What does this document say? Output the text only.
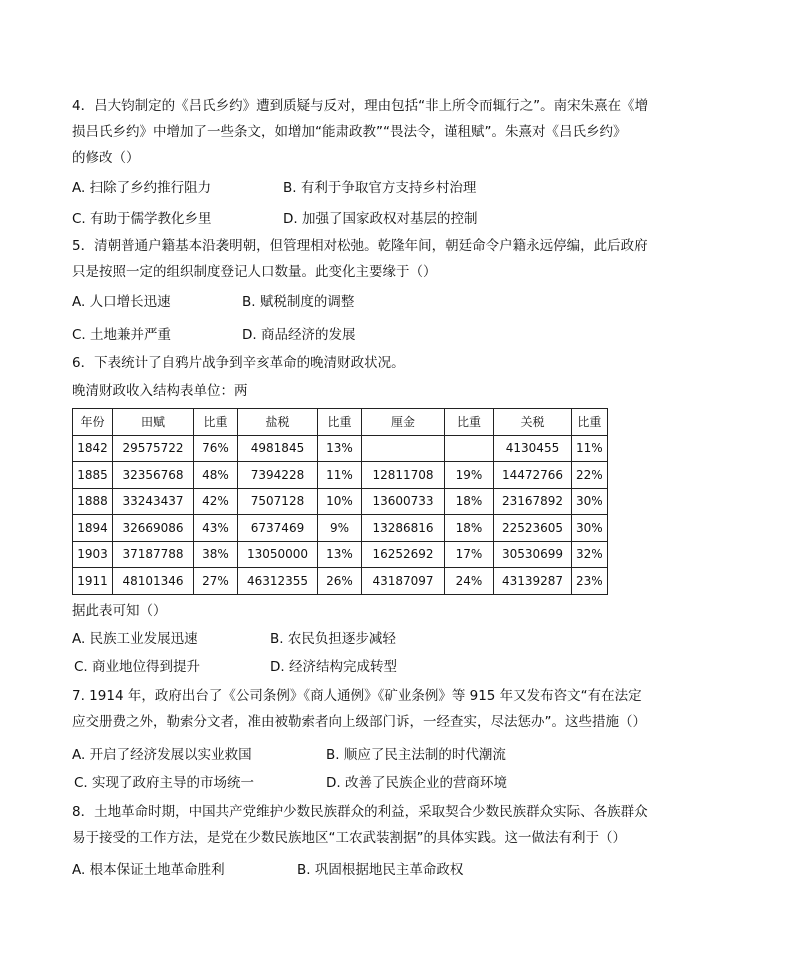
4．吕大钧制定的《吕氏乡约》遭到质疑与反对，理由包括“非上所令而辄行之”。南宋朱熹在《增
损吕氏乡约》中增加了一些条文，如增加“能肃政教”“畏法令，谨租赋”。朱熹对《吕氏乡约》
的修改（）
A. 扫除了乡约推行阻力	B. 有利于争取官方支持乡村治理
C. 有助于儒学教化乡里	D. 加强了国家政权对基层的控制
5．清朝普通户籍基本沿袭明朝，但管理相对松弛。乾隆年间，朝廷命令户籍永远停编，此后政府
只是按照一定的组织制度登记人口数量。此变化主要缘于（）
A. 人口增长迅速	B. 赋税制度的调整
C. 土地兼并严重	D. 商品经济的发展
6．下表统计了自鸦片战争到辛亥革命的晚清财政状况。
晚清财政收入结构表单位：两
年份	田赋	比重	盐税	比重	厘金	比重	关税	比重
1842	29575722	76%	4981845	13%			4130455	11%
1885	32356768	48%	7394228	11%	12811708	19%	14472766	22%
1888	33243437	42%	7507128	10%	13600733	18%	23167892	30%
1894	32669086	43%	6737469	9%	13286816	18%	22523605	30%
1903	37187788	38%	13050000	13%	16252692	17%	30530699	32%
1911	48101346	27%	46312355	26%	43187097	24%	43139287	23%
据此表可知（）
A. 民族工业发展迅速	B. 农民负担逐步减轻
C. 商业地位得到提升	D. 经济结构完成转型
7. 1914 年，政府出台了《公司条例》《商人通例》《矿业条例》等 915 年又发布咨文“有在法定
应交册费之外，勒索分文者，准由被勒索者向上级部门诉，一经查实，尽法惩办”。这些措施（）
A. 开启了经济发展以实业救国	B. 顺应了民主法制的时代潮流
C. 实现了政府主导的市场统一	D. 改善了民族企业的营商环境
8．土地革命时期，中国共产党维护少数民族群众的利益，采取契合少数民族群众实际、各族群众
易于接受的工作方法，是党在少数民族地区“工农武装割据”的具体实践。这一做法有利于（）
A. 根本保证土地革命胜利	B. 巩固根据地民主革命政权
